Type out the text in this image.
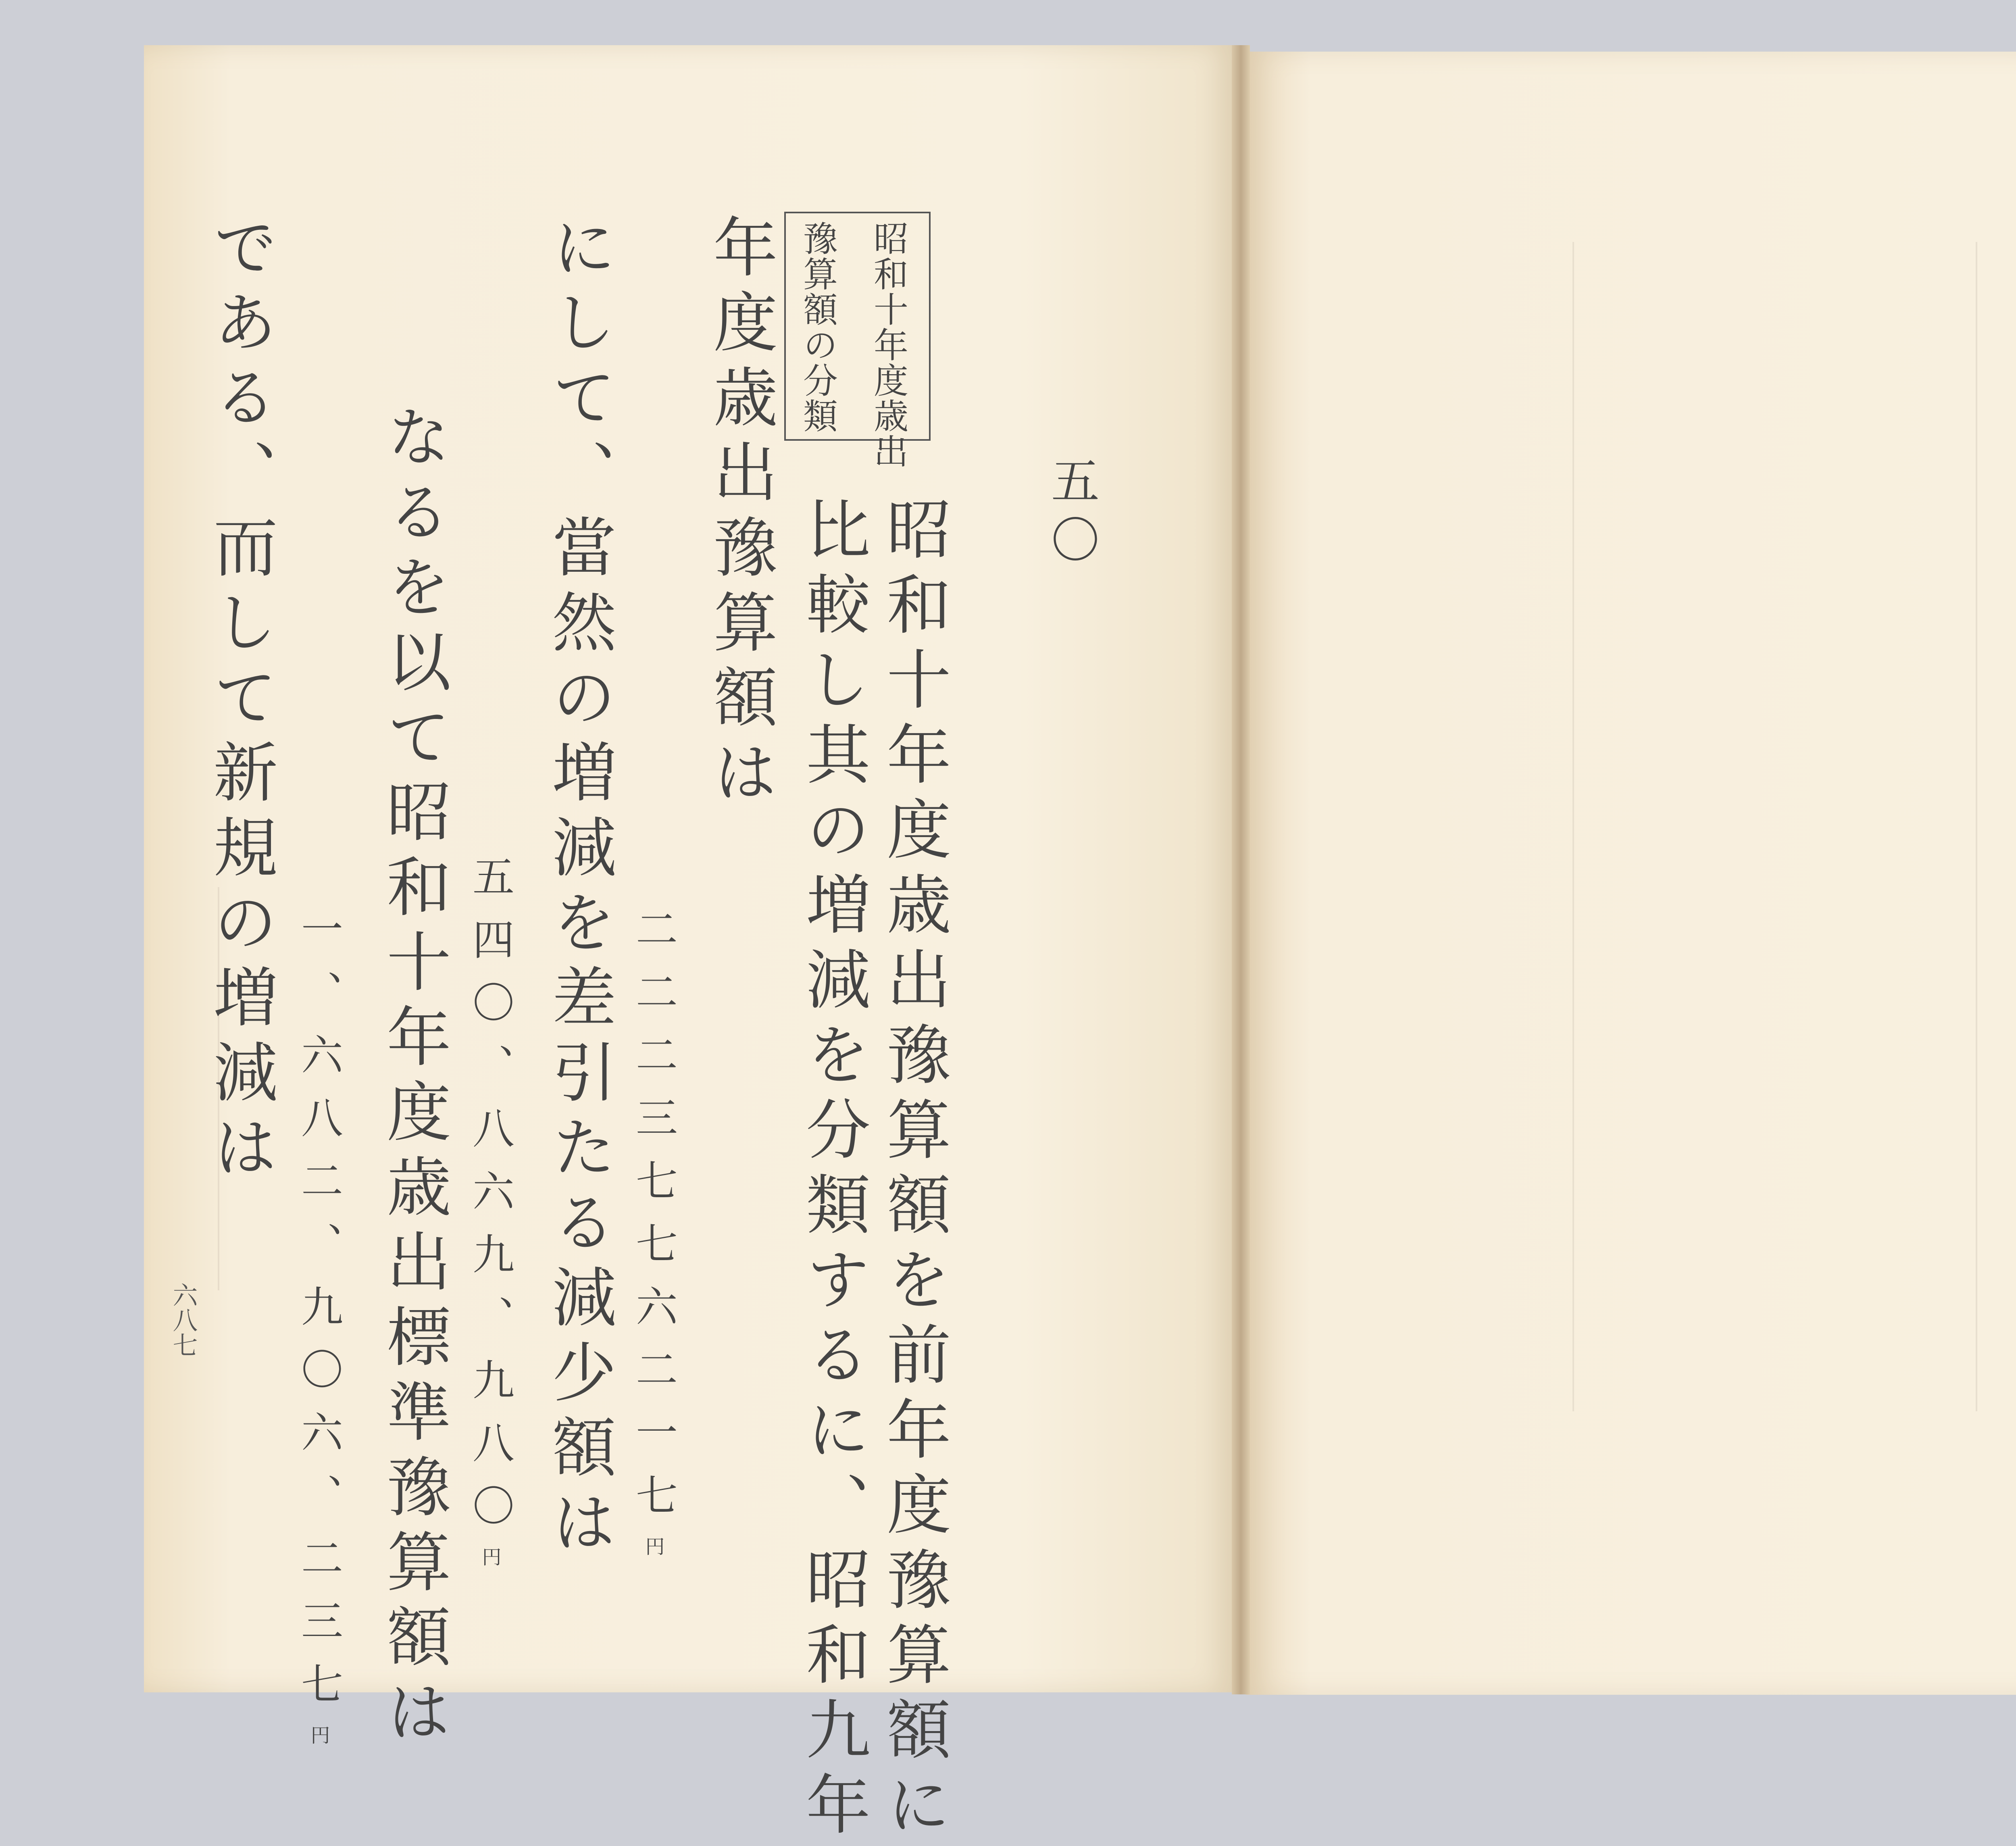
五〇
昭和十年度歳出
豫算額の分類
昭和十年度歳出豫算額を前年度豫算額に
比較し其の増減を分類するに、昭和九年
年度歳出豫算額は
二二二三七七六二一七円
にして、當然の増減を差引たる減少額は
五四〇、八六九、九八〇円
なるを以て昭和十年度歳出標準豫算額は
一、六八二、九〇六、二三七円
である、而して新規の増減は
六八七
